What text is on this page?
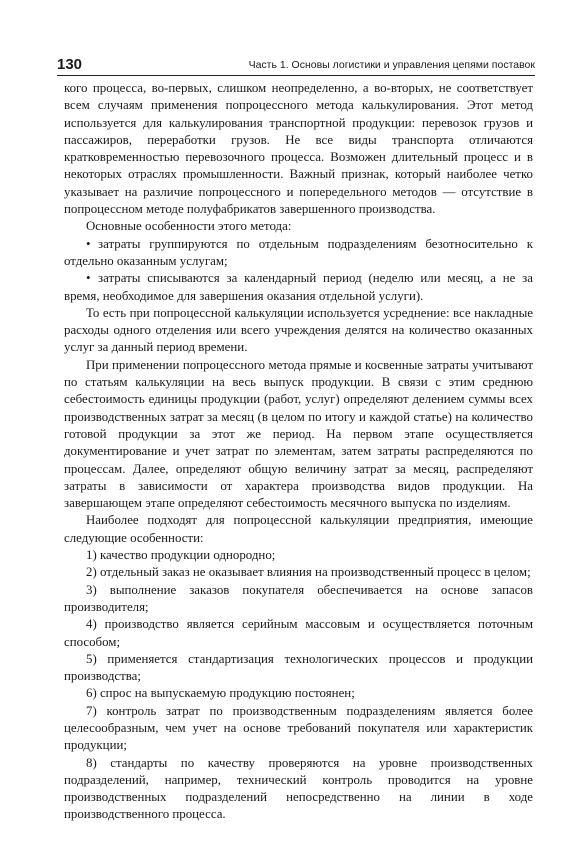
130	Часть 1. Основы логистики и управления цепями поставок

кого процесса, во-первых, слишком неопределенно, а во-вторых, не соответствует всем случаям применения попроцессного метода калькулирования. Этот метод используется для калькулирования транспортной продукции: перевозок грузов и пассажиров, переработки грузов. Не все виды транспорта отличаются кратковременностью перевозочного процесса. Возможен длительный процесс и в некоторых отраслях промышленности. Важный признак, который наиболее четко указывает на различие попроцессного и попередельного методов — отсутствие в попроцессном методе полуфабрикатов завершенного производства.

Основные особенности этого метода:

• затраты группируются по отдельным подразделениям безотносительно к отдельно оказанным услугам;

• затраты списываются за календарный период (неделю или месяц, а не за время, необходимое для завершения оказания отдельной услуги).

То есть при попроцессной калькуляции используется усреднение: все накладные расходы одного отделения или всего учреждения делятся на количество оказанных услуг за данный период времени.

При применении попроцессного метода прямые и косвенные затраты учитывают по статьям калькуляции на весь выпуск продукции. В связи с этим среднюю себестоимость единицы продукции (работ, услуг) определяют делением суммы всех производственных затрат за месяц (в целом по итогу и каждой статье) на количество готовой продукции за этот же период. На первом этапе осуществляется документирование и учет затрат по элементам, затем затраты распределяются по процессам. Далее, определяют общую величину затрат за месяц, распределяют затраты в зависимости от характера производства видов продукции. На завершающем этапе определяют себестоимость месячного выпуска по изделиям.

Наиболее подходят для попроцессной калькуляции предприятия, имеющие следующие особенности:

1) качество продукции однородно;

2) отдельный заказ не оказывает влияния на производственный процесс в целом;

3) выполнение заказов покупателя обеспечивается на основе запасов производителя;

4) производство является серийным массовым и осуществляется поточным способом;

5) применяется стандартизация технологических процессов и продукции производства;

6) спрос на выпускаемую продукцию постоянен;

7) контроль затрат по производственным подразделениям является более целесообразным, чем учет на основе требований покупателя или характеристик продукции;

8) стандарты по качеству проверяются на уровне производственных подразделений, например, технический контроль проводится на уровне производственных подразделений непосредственно на линии в ходе производственного процесса.
